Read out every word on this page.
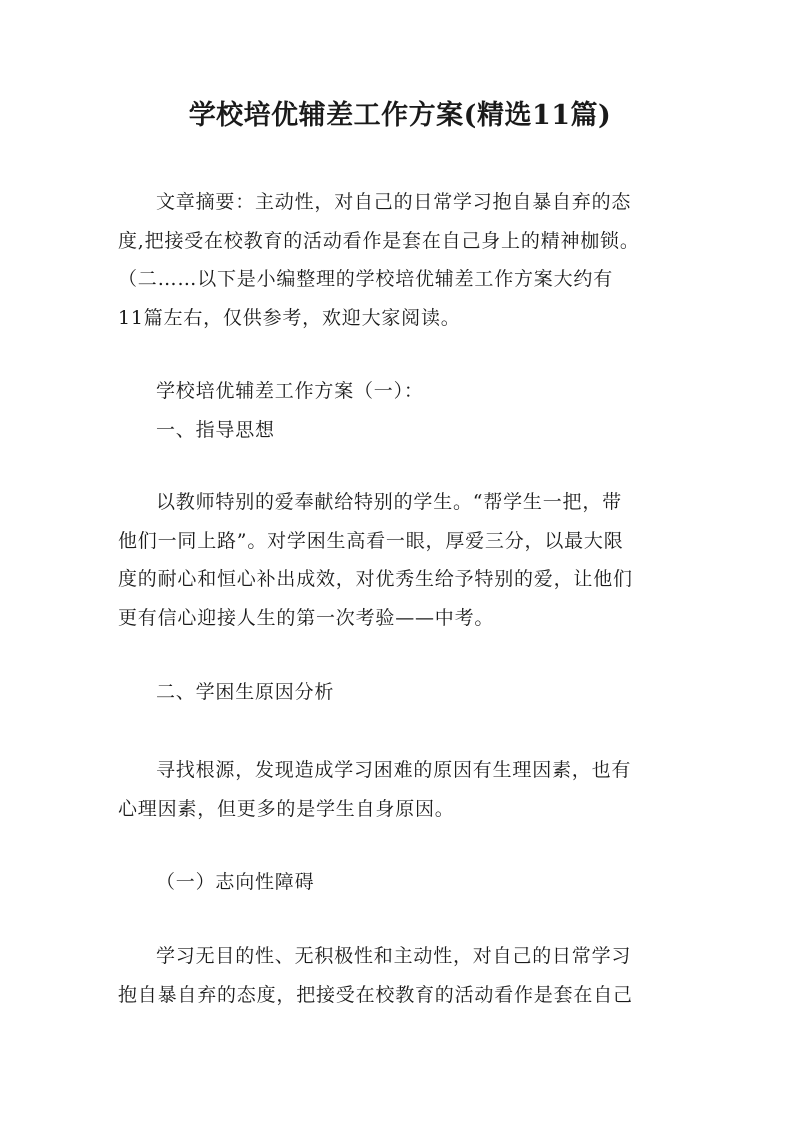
学校培优辅差工作方案(精选11篇)
文章摘要：主动性，对自己的日常学习抱自暴自弃的态
度,把接受在校教育的活动看作是套在自己身上的精神枷锁。
（二……以下是小编整理的学校培优辅差工作方案大约有
11篇左右，仅供参考，欢迎大家阅读。
学校培优辅差工作方案（一）：
一、指导思想
以教师特别的爱奉献给特别的学生。“帮学生一把，带
他们一同上路”。对学困生高看一眼，厚爱三分，以最大限
度的耐心和恒心补出成效，对优秀生给予特别的爱，让他们
更有信心迎接人生的第一次考验——中考。
二、学困生原因分析
寻找根源，发现造成学习困难的原因有生理因素，也有
心理因素，但更多的是学生自身原因。
（一）志向性障碍
学习无目的性、无积极性和主动性，对自己的日常学习
抱自暴自弃的态度，把接受在校教育的活动看作是套在自己
